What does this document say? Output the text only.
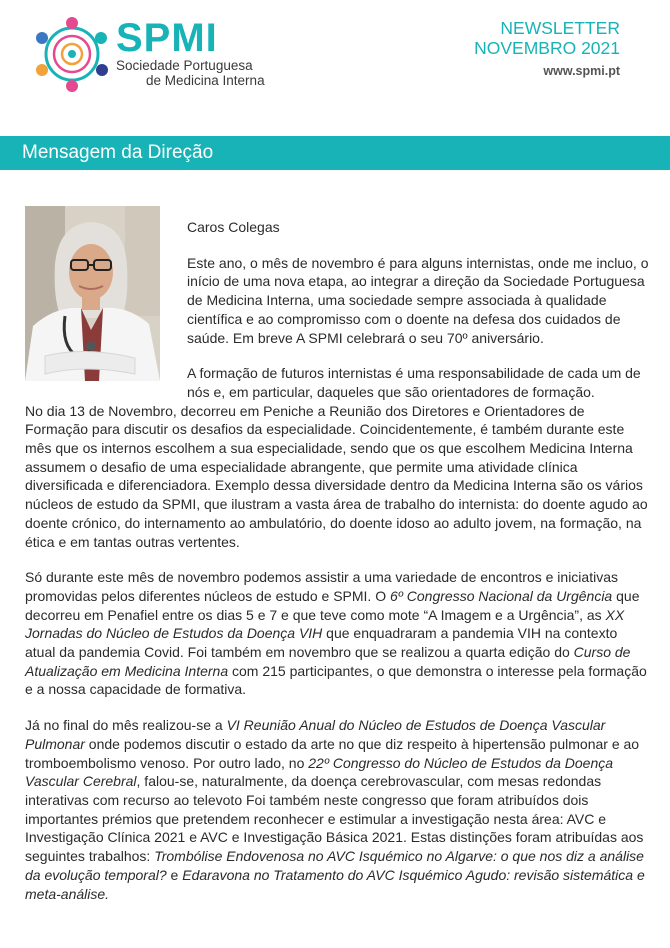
SPMI
Sociedade Portuguesa
de Medicina Interna
NEWSLETTER
NOVEMBRO 2021
www.spmi.pt
Mensagem da Direção
Caros Colegas
Este ano, o mês de novembro é para alguns internistas, onde me incluo, o início de uma nova etapa, ao integrar a direção da Sociedade Portuguesa de Medicina Interna, uma sociedade sempre associada à qualidade científica e ao compromisso com o doente na defesa dos cuidados de saúde. Em breve A SPMI celebrará o seu 70º aniversário.
A formação de futuros internistas é uma responsabilidade de cada um de nós e, em particular, daqueles que são orientadores de formação.
No dia 13 de Novembro, decorreu em Peniche a Reunião dos Diretores e Orientadores de Formação para discutir os desafios da especialidade. Coincidentemente, é também durante este mês que os internos escolhem a sua especialidade, sendo que os que escolhem Medicina Interna assumem o desafio de uma especialidade abrangente, que permite uma atividade clínica diversificada e diferenciadora. Exemplo dessa diversidade dentro da Medicina Interna são os vários núcleos de estudo da SPMI, que ilustram a vasta área de trabalho do internista: do doente agudo ao doente crónico, do internamento ao ambulatório, do doente idoso ao adulto jovem, na formação, na ética e em tantas outras vertentes.
Só durante este mês de novembro podemos assistir a uma variedade de encontros e iniciativas promovidas pelos diferentes núcleos de estudo e SPMI. O 6º Congresso Nacional da Urgência que decorreu em Penafiel entre os dias 5 e 7 e que teve como mote “A Imagem e a Urgência”, as XX Jornadas do Núcleo de Estudos da Doença VIH que enquadraram a pandemia VIH na contexto atual da pandemia Covid. Foi também em novembro que se realizou a quarta edição do Curso de Atualização em Medicina Interna com 215 participantes, o que demonstra o interesse pela formação e a nossa capacidade de formativa.
Já no final do mês realizou-se a VI Reunião Anual do Núcleo de Estudos de Doença Vascular Pulmonar onde podemos discutir o estado da arte no que diz respeito à hipertensão pulmonar e ao tromboembolismo venoso. Por outro lado, no 22º Congresso do Núcleo de Estudos da Doença Vascular Cerebral, falou-se, naturalmente, da doença cerebrovascular, com mesas redondas interativas com recurso ao televoto Foi também neste congresso que foram atribuídos dois importantes prémios que pretendem reconhecer e estimular a investigação nesta área: AVC e Investigação Clínica 2021 e AVC e Investigação Básica 2021. Estas distinções foram atribuídas aos seguintes trabalhos: Trombólise Endovenosa no AVC Isquémico no Algarve: o que nos diz a análise da evolução temporal? e Edaravona no Tratamento do AVC Isquémico Agudo: revisão sistemática e meta-análise.
